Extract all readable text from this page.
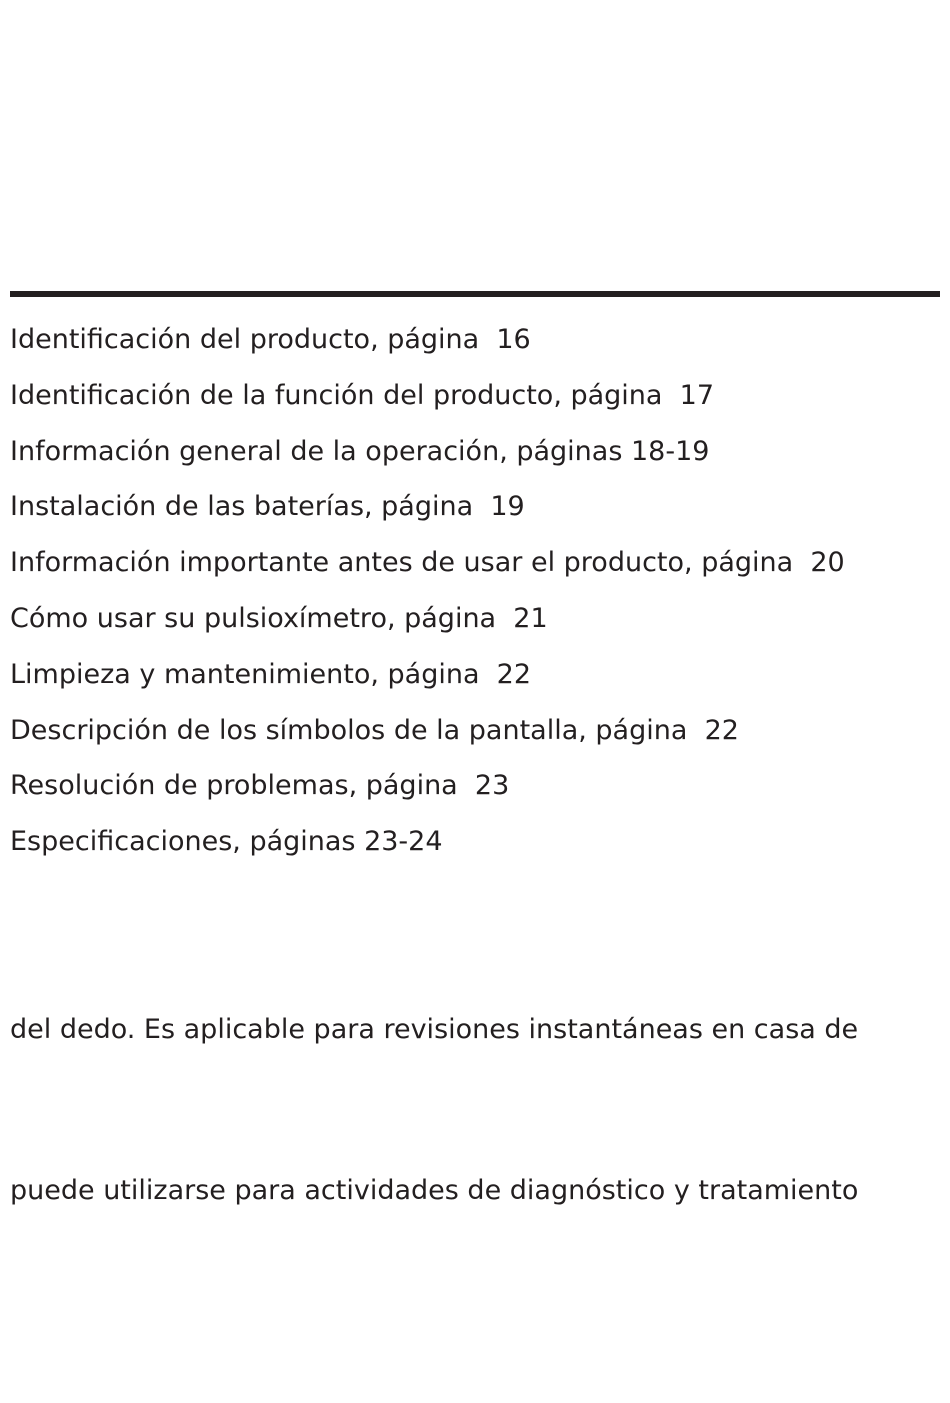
Identificación del producto, página  16
Identificación de la función del producto, página  17
Información general de la operación, páginas 18-19
Instalación de las baterías, página  19
Información importante antes de usar el producto, página  20
Cómo usar su pulsioxímetro, página  21
Limpieza y mantenimiento, página  22
Descripción de los símbolos de la pantalla, página  22
Resolución de problemas, página  23
Especificaciones, páginas 23-24
del dedo. Es aplicable para revisiones instantáneas en casa de
puede utilizarse para actividades de diagnóstico y tratamiento
